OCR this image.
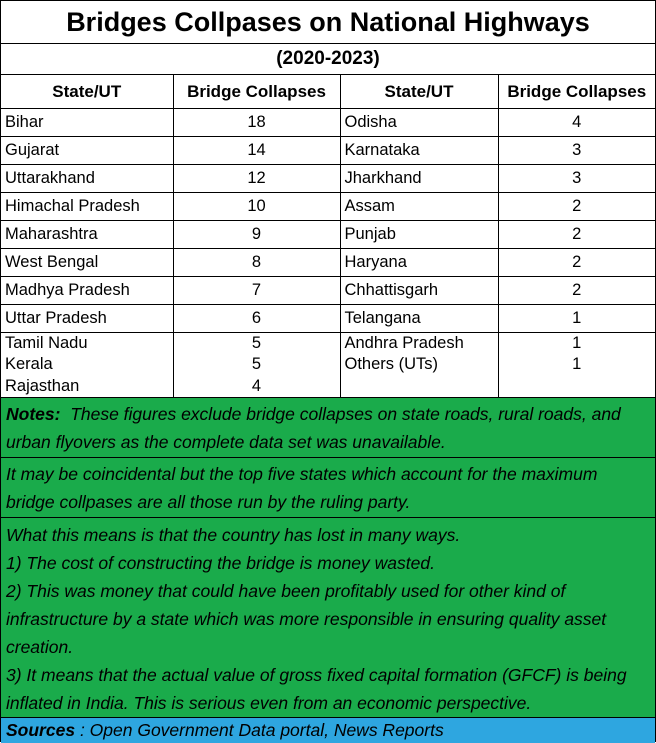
Bridges Collpases on National Highways
(2020-2023)
State/UT	Bridge Collapses	State/UT	Bridge Collapses
Bihar	18	Odisha	4
Gujarat	14	Karnataka	3
Uttarakhand	12	Jharkhand	3
Himachal Pradesh	10	Assam	2
Maharashtra	9	Punjab	2
West Bengal	8	Haryana	2
Madhya Pradesh	7	Chhattisgarh	2
Uttar Pradesh	6	Telangana	1
Tamil Nadu	5	Andhra Pradesh	1
Kerala	5	Others (UTs)	1
Rajasthan	4		
Notes: These figures exclude bridge collapses on state roads, rural roads, and urban flyovers as the complete data set was unavailable.
It may be coincidental but the top five states which account for the maximum bridge collpases are all those run by the ruling party.
What this means is that the country has lost in many ways.
1) The cost of constructing the bridge is money wasted.
2) This was money that could have been profitably used for other kind of infrastructure by a state which was more responsible in ensuring quality asset creation.
3) It means that the actual value of gross fixed capital formation (GFCF) is being inflated in India. This is serious even from an economic perspective.
Sources
: Open Government Data portal, News Reports
